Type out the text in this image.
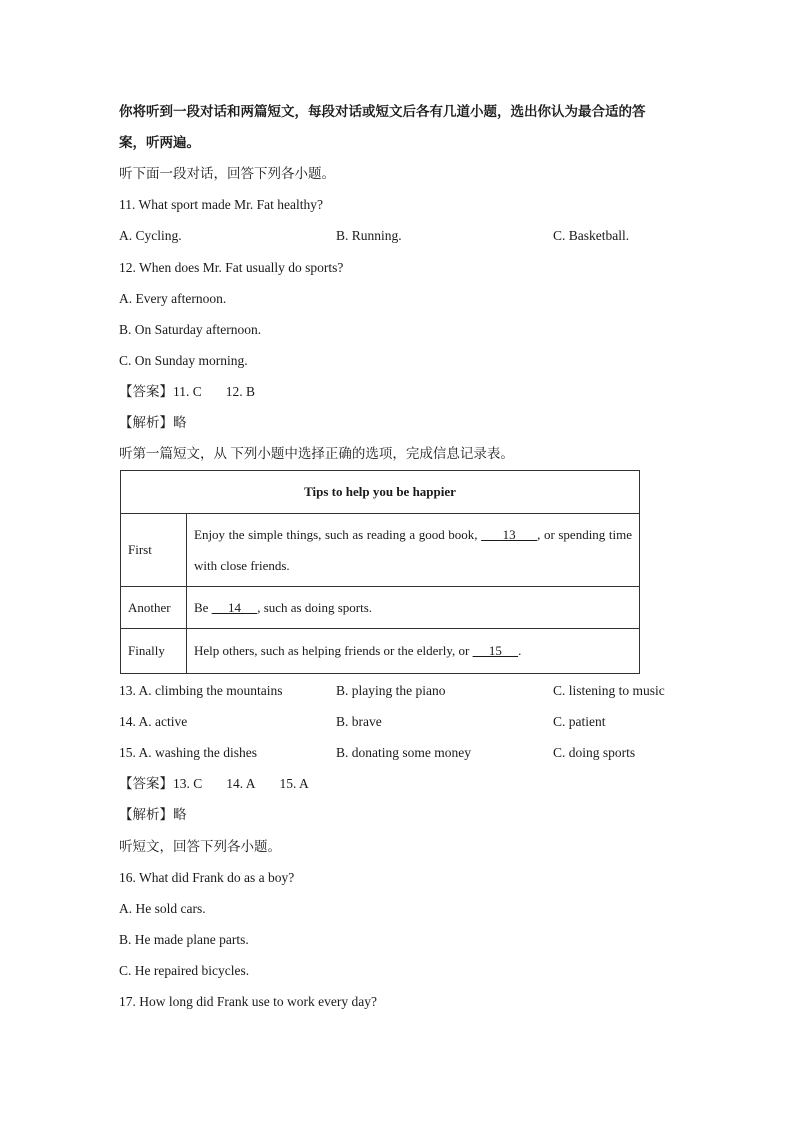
你将听到一段对话和两篇短文，每段对话或短文后各有几道小题，选出你认为最合适的答
案，听两遍。
听下面一段对话，回答下列各小题。
11. What sport made Mr. Fat healthy?
A. Cycling.	B. Running.	C. Basketball.
12. When does Mr. Fat usually do sports?
A. Every afternoon.
B. On Saturday afternoon.
C. On Sunday morning.
【答案】11. C 12. B
【解析】略
听第一篇短文，从 下列小题中选择正确的选项，完成信息记录表。
Tips to help you be happier	
First	Enjoy the simple things, such as reading a good book,       13      , or spending time with close friends.
Another	Be      14     , such as doing sports.
Finally	Help others, such as helping friends or the elderly, or      15     .
13. A. climbing the mountains	B. playing the piano	C. listening to music
14. A. active	B. brave	C. patient
15. A. washing the dishes	B. donating some money	C. doing sports
【答案】13. C 14. A 15. A
【解析】略
听短文，回答下列各小题。
16. What did Frank do as a boy?
A. He sold cars.
B. He made plane parts.
C. He repaired bicycles.
17. How long did Frank use to work every day?
